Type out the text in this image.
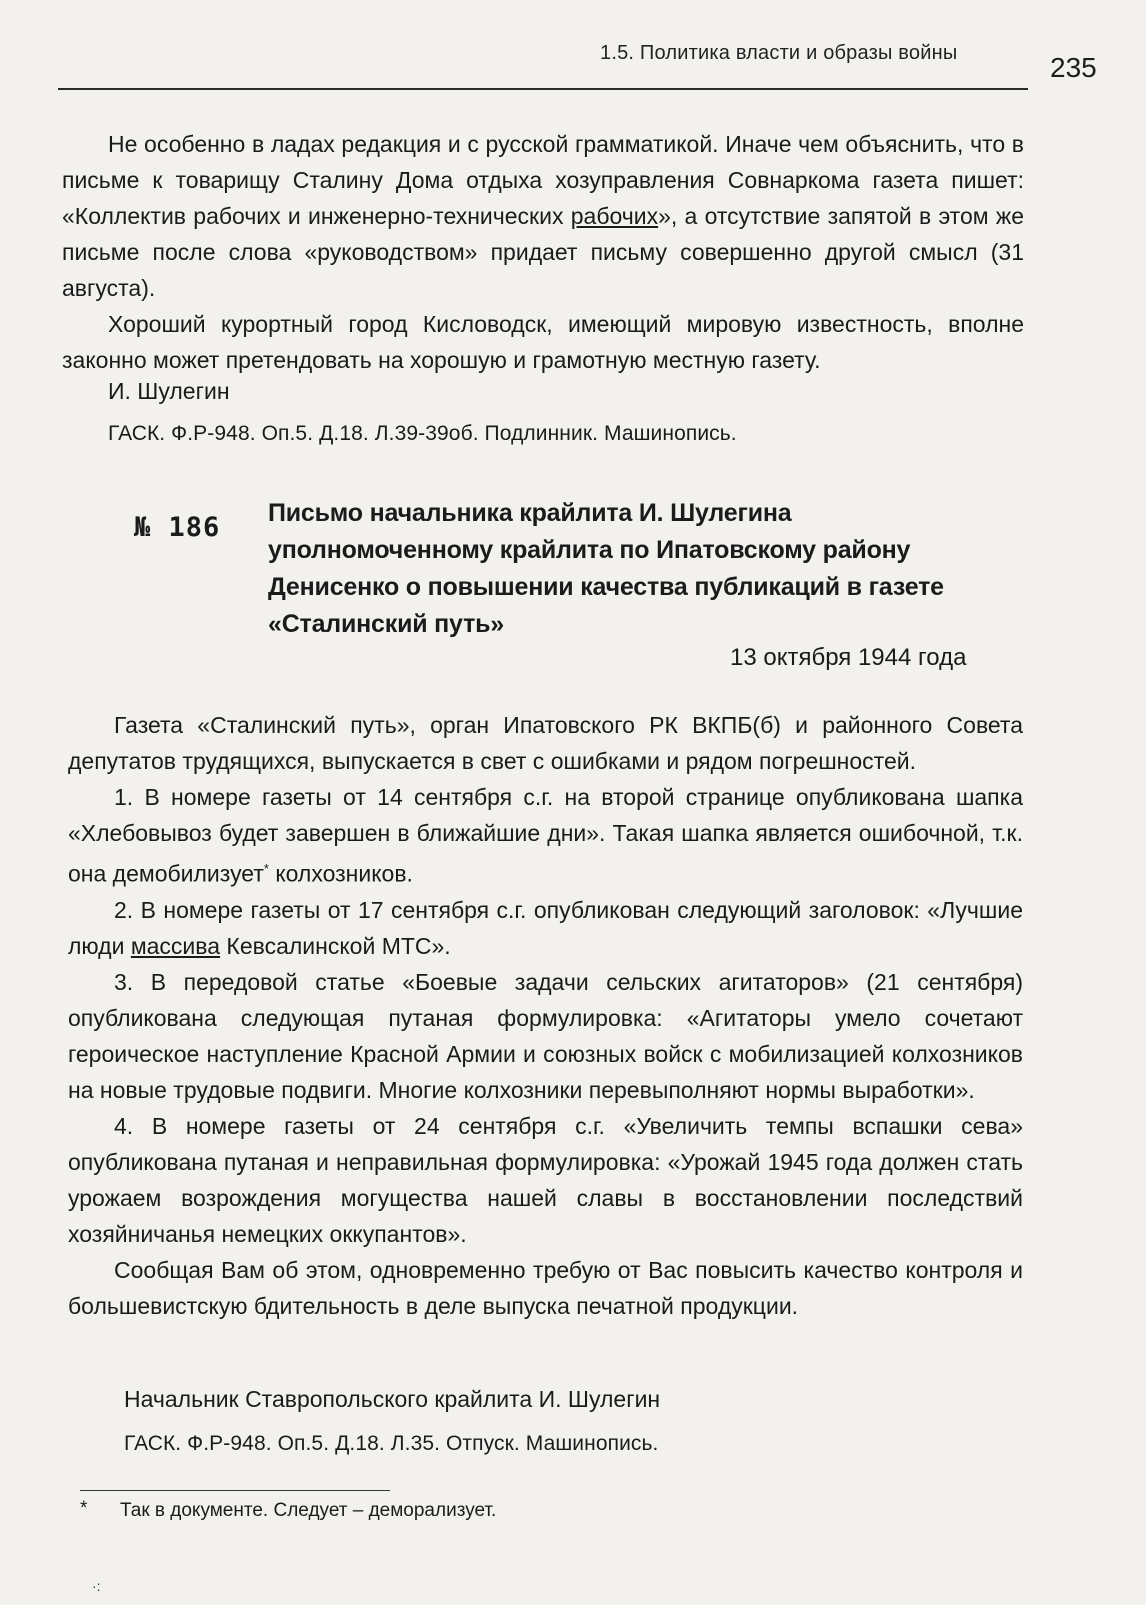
1.5. Политика власти и образы войны	235

Не особенно в ладах редакция и с русской грамматикой. Иначе чем объяснить, что в письме к товарищу Сталину Дома отдыха хозуправления Совнаркома газета пишет: «Коллектив рабочих и инженерно-технических рабочих», а отсутствие запятой в этом же письме после слова «руководством» придает письму совершенно другой смысл (31 августа).

Хороший курортный город Кисловодск, имеющий мировую известность, вполне законно может претендовать на хорошую и грамотную местную газету.

И. Шулегин
ГАСК. Ф.Р-948. Оп.5. Д.18. Л.39-39об. Подлинник. Машинопись.
№ 186 Письмо начальника крайлита И. Шулегина уполномоченному крайлита по Ипатовскому району Денисенко о повышении качества публикаций в газете «Сталинский путь»
13 октября 1944 года

Газета «Сталинский путь», орган Ипатовского РК ВКПБ(б) и районного Совета депутатов трудящихся, выпускается в свет с ошибками и рядом погрешностей.

1. В номере газеты от 14 сентября с.г. на второй странице опубликована шапка «Хлебовывоз будет завершен в ближайшие дни». Такая шапка является ошибочной, т.к. она демобилизует* колхозников.

2. В номере газеты от 17 сентября с.г. опубликован следующий заголовок: «Лучшие люди массива Кевсалинской МТС».

3. В передовой статье «Боевые задачи сельских агитаторов» (21 сентября) опубликована следующая путаная формулировка: «Агитаторы умело сочетают героическое наступление Красной Армии и союзных войск с мобилизацией колхозников на новые трудовые подвиги. Многие колхозники перевыполняют нормы выработки».

4. В номере газеты от 24 сентября с.г. «Увеличить темпы вспашки сева» опубликована путаная и неправильная формулировка: «Урожай 1945 года должен стать урожаем возрождения могущества нашей славы в восстановлении последствий хозяйничанья немецких оккупантов».

Сообщая Вам об этом, одновременно требую от Вас повысить качество контроля и большевистскую бдительность в деле выпуска печатной продукции.

Начальник Ставропольского крайлита И. Шулегин
ГАСК. Ф.Р-948. Оп.5. Д.18. Л.35. Отпуск. Машинопись.
* Так в документе. Следует – деморализует.
·:
